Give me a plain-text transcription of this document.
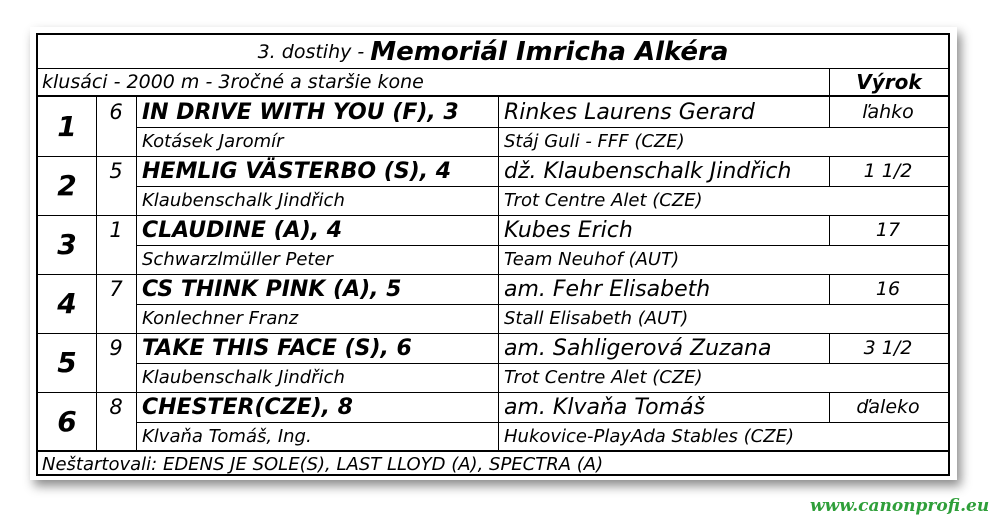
3. dostihy - Memoriál Imricha Alkéra
klusáci - 2000 m - 3ročné a staršie kone	Výrok
1	6 IN DRIVE WITH YOU (F), 3	Rinkes Laurens Gerard	ľahko
Kotásek Jaromír	Stáj Guli - FFF (CZE)
2	5 HEMLIG VÄSTERBO (S), 4	dž. Klaubenschalk Jindřich	1 1/2
Klaubenschalk Jindřich	Trot Centre Alet (CZE)
3	1 CLAUDINE (A), 4	Kubes Erich	17
Schwarzlmüller Peter	Team Neuhof (AUT)
4	7 CS THINK PINK (A), 5	am. Fehr Elisabeth	16
Konlechner Franz	Stall Elisabeth (AUT)
5	9 TAKE THIS FACE (S), 6	am. Sahligerová Zuzana	3 1/2
Klaubenschalk Jindřich	Trot Centre Alet (CZE)
6	8 CHESTER(CZE), 8	am. Klvaňa Tomáš	ďaleko
Klvaňa Tomáš, Ing.	Hukovice-PlayAda Stables (CZE)
Neštartovali: EDENS JE SOLE(S), LAST LLOYD (A), SPECTRA (A)
www.canonprofi.eu
